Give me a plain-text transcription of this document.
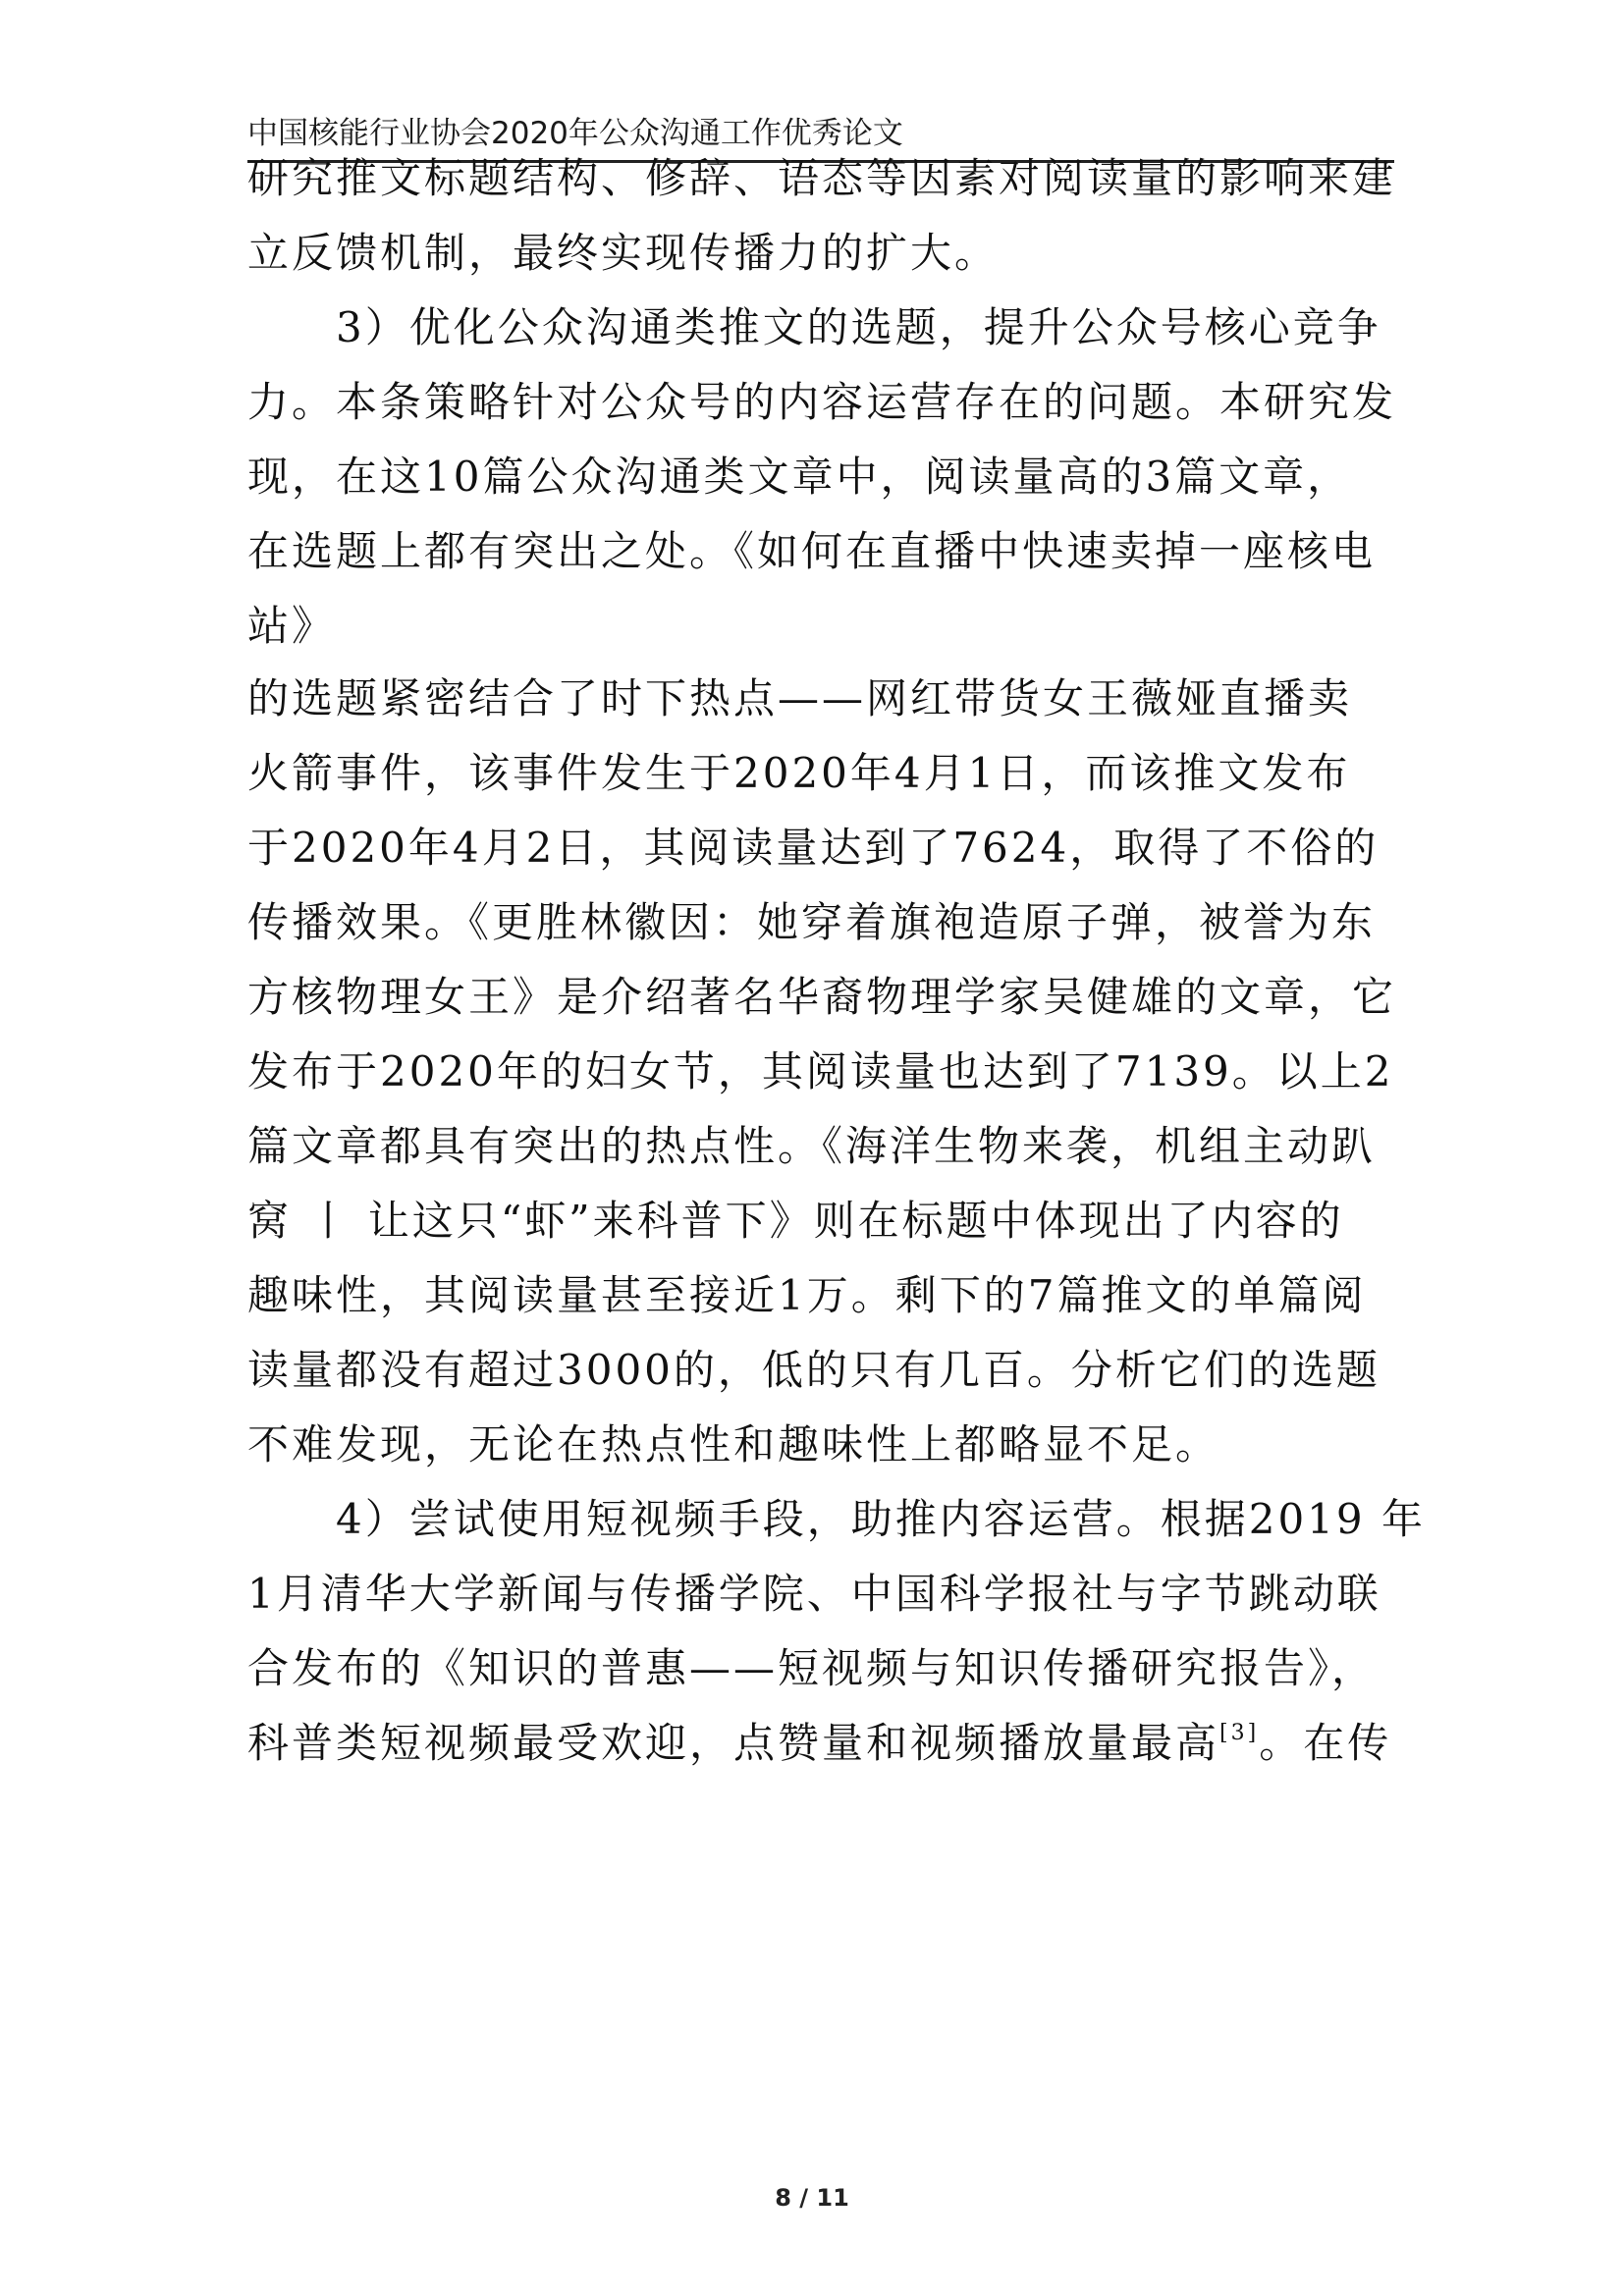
中国核能行业协会2020年公众沟通工作优秀论文
研究推文标题结构、修辞、语态等因素对阅读量的影响来建
立反馈机制，最终实现传播力的扩大。
3）优化公众沟通类推文的选题，提升公众号核心竞争
力。本条策略针对公众号的内容运营存在的问题。本研究发
现，在这10篇公众沟通类文章中，阅读量高的3篇文章，
在选题上都有突出之处。《如何在直播中快速卖掉一座核电
站》
的选题紧密结合了时下热点——网红带货女王薇娅直播卖
火箭事件，该事件发生于2020年4月1日，而该推文发布
于2020年4月2日，其阅读量达到了7624，取得了不俗的
传播效果。《更胜林徽因：她穿着旗袍造原子弹，被誉为东
方核物理女王》是介绍著名华裔物理学家吴健雄的文章，它
发布于2020年的妇女节，其阅读量也达到了7139。以上2
篇文章都具有突出的热点性。《海洋生物来袭，机组主动趴
窝 丨 让这只“虾”来科普下》则在标题中体现出了内容的
趣味性，其阅读量甚至接近1万。剩下的7篇推文的单篇阅
读量都没有超过3000的，低的只有几百。分析它们的选题
不难发现，无论在热点性和趣味性上都略显不足。
4）尝试使用短视频手段，助推内容运营。根据2019 年
1月清华大学新闻与传播学院、中国科学报社与字节跳动联
合发布的《知识的普惠——短视频与知识传播研究报告》，
科普类短视频最受欢迎，点赞量和视频播放量最高[3]。在传
8 / 11
